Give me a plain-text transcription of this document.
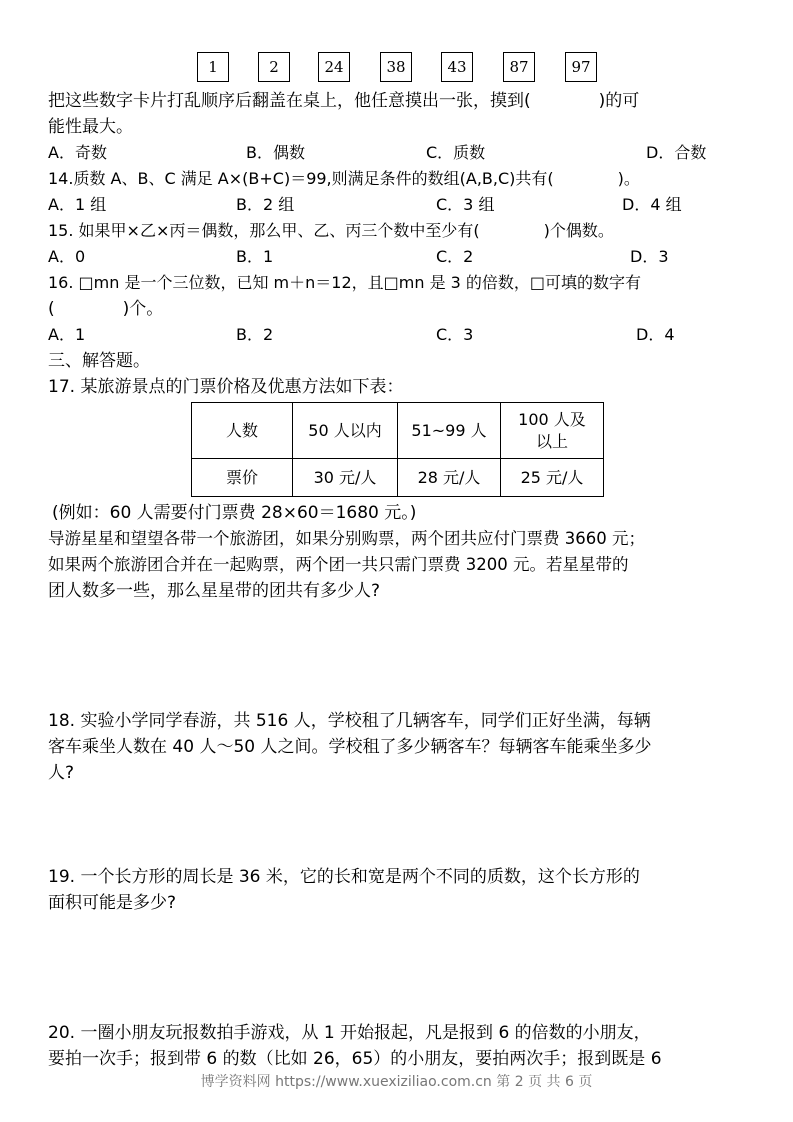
1	2	24	38	43	87	97
把这些数字卡片打乱顺序后翻盖在桌上，他任意摸出一张，摸到(　　　　)的可
能性最大。
A．奇数	B．偶数	C．质数	D．合数
14.质数 A、B、C 满足 A×(B+C)＝99,则满足条件的数组(A,B,C)共有(　　　　)。
A．1 组	B．2 组	C．3 组	D．4 组
15. 如果甲×乙×丙＝偶数，那么甲、乙、丙三个数中至少有(　　　　)个偶数。
A．0	B．1	C．2	D．3
16. □mn 是一个三位数，已知 m＋n＝12，且□mn 是 3 的倍数，□可填的数字有
(　　　　)个。
A．1	B．2	C．3	D．4
三、解答题。
17. 某旅游景点的门票价格及优惠方法如下表：
人数	50 人以内	51~99 人	100 人及
以上

票价	30 元/人	28 元/人	25 元/人
(例如：60 人需要付门票费 28×60＝1680 元。)
导游星星和望望各带一个旅游团，如果分别购票，两个团共应付门票费 3660 元；
如果两个旅游团合并在一起购票，两个团一共只需门票费 3200 元。若星星带的
团人数多一些，那么星星带的团共有多少人?
18. 实验小学同学春游，共 516 人，学校租了几辆客车，同学们正好坐满，每辆
客车乘坐人数在 40 人～50 人之间。学校租了多少辆客车？每辆客车能乘坐多少
人?
19. 一个长方形的周长是 36 米，它的长和宽是两个不同的质数，这个长方形的
面积可能是多少?
20. 一圈小朋友玩报数拍手游戏，从 1 开始报起，凡是报到 6 的倍数的小朋友，
要拍一次手；报到带 6 的数（比如 26，65）的小朋友，要拍两次手；报到既是 6
博学资料网 https://www.xuexiziliao.com.cn 第 2 页 共 6 页
